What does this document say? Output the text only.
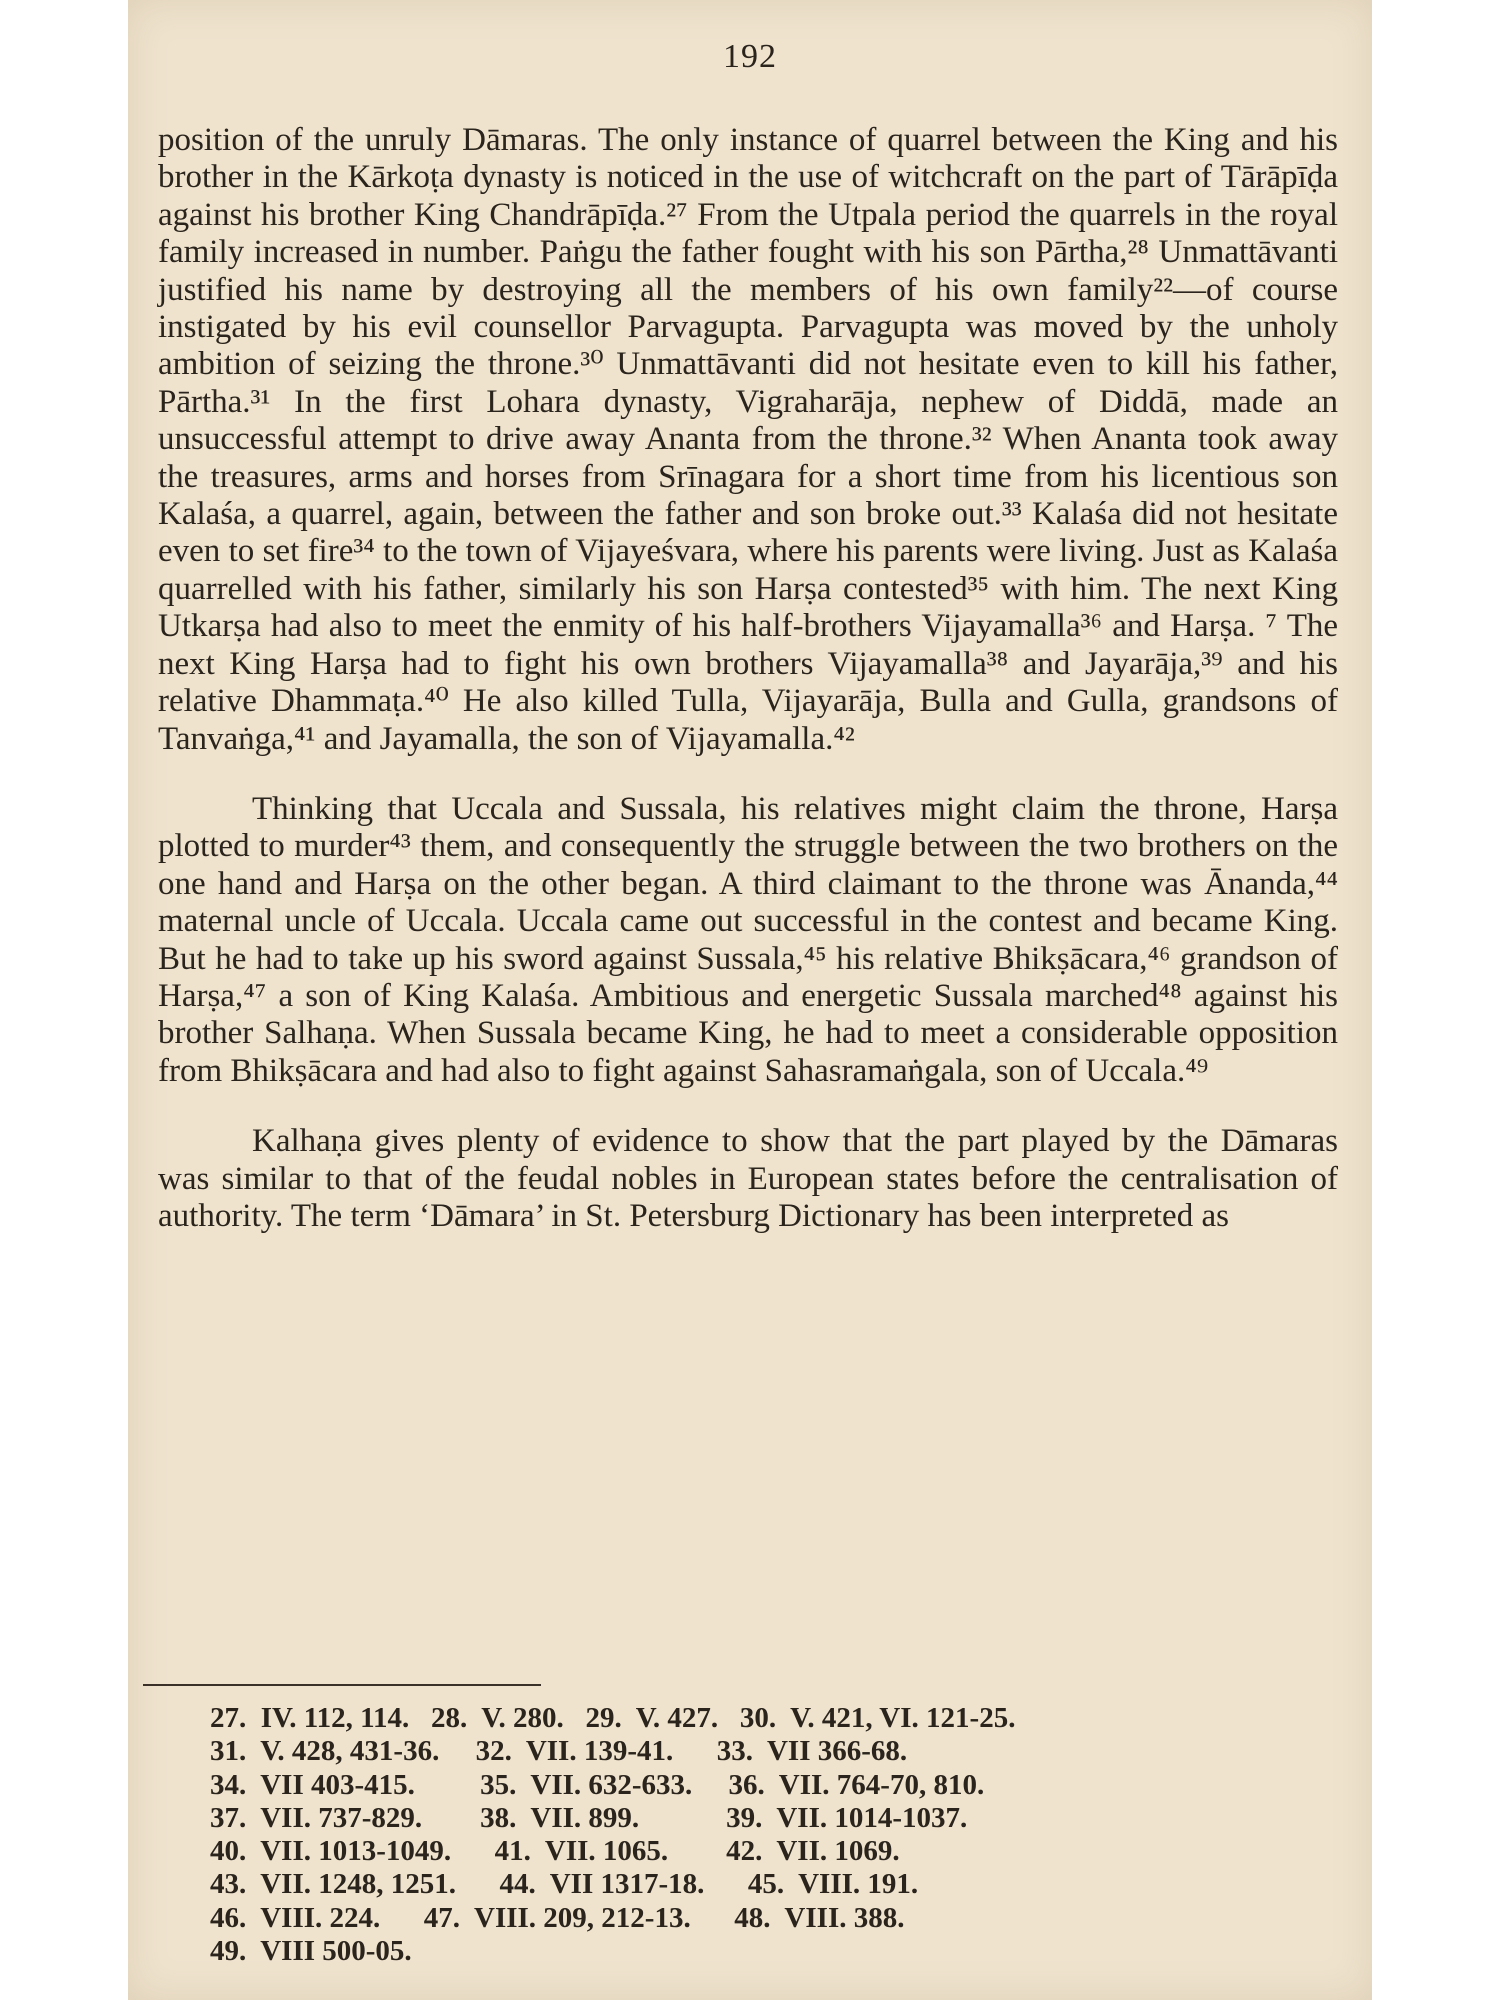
192

position of the unruly Dāmaras. The only instance of quarrel between the King and his brother in the Kārkoṭa dynasty is noticed in the use of witchcraft on the part of Tārāpīḍa against his brother King Chandrāpīḍa.²⁷ From the Utpala period the quarrels in the royal family increased in number. Paṅgu the father fought with his son Pārtha,²⁸ Unmattāvanti justified his name by destroying all the members of his own family²²—of course instigated by his evil counsellor Parvagupta. Parvagupta was moved by the unholy ambition of seizing the throne.³⁰ Unmattāvanti did not hesitate even to kill his father, Pārtha.³¹ In the first Lohara dynasty, Vigraharāja, nephew of Diddā, made an unsuccessful attempt to drive away Ananta from the throne.³² When Ananta took away the treasures, arms and horses from Srīnagara for a short time from his licentious son Kalaśa, a quarrel, again, between the father and son broke out.³³ Kalaśa did not hesitate even to set fire³⁴ to the town of Vijayeśvara, where his parents were living. Just as Kalaśa quarrelled with his father, similarly his son Harṣa contested³⁵ with him. The next King Utkarṣa had also to meet the enmity of his half-brothers Vijayamalla³⁶ and Harṣa. ⁷ The next King Harṣa had to fight his own brothers Vijayamalla³⁸ and Jayarāja,³⁹ and his relative Dhammaṭa.⁴⁰ He also killed Tulla, Vijayarāja, Bulla and Gulla, grandsons of Tanvaṅga,⁴¹ and Jayamalla, the son of Vijayamalla.⁴²

Thinking that Uccala and Sussala, his relatives might claim the throne, Harṣa plotted to murder⁴³ them, and consequently the struggle between the two brothers on the one hand and Harṣa on the other began. A third claimant to the throne was Ānanda,⁴⁴ maternal uncle of Uccala. Uccala came out successful in the contest and became King. But he had to take up his sword against Sussala,⁴⁵ his relative Bhikṣācara,⁴⁶ grandson of Harṣa,⁴⁷ a son of King Kalaśa. Ambitious and energetic Sussala marched⁴⁸ against his brother Salhaṇa. When Sussala became King, he had to meet a considerable opposition from Bhikṣācara and had also to fight against Sahasramaṅgala, son of Uccala.⁴⁹

Kalhaṇa gives plenty of evidence to show that the part played by the Dāmaras was similar to that of the feudal nobles in European states before the centralisation of authority. The term ‘Dāmara’ in St. Petersburg Dictionary has been interpreted as

27.  IV. 112, 114.   28.  V. 280.   29.  V. 427.   30.  V. 421, VI. 121-25.

31.  V. 428, 431-36.     32.  VII. 139-41.      33.  VII 366-68.

34.  VII 403-415.         35.  VII. 632-633.     36.  VII. 764-70, 810.

37.  VII. 737-829.        38.  VII. 899.            39.  VII. 1014-1037.

40.  VII. 1013-1049.      41.  VII. 1065.        42.  VII. 1069.

43.  VII. 1248, 1251.      44.  VII 1317-18.      45.  VIII. 191.

46.  VIII. 224.      47.  VIII. 209, 212-13.      48.  VIII. 388.

49.  VIII 500-05.
